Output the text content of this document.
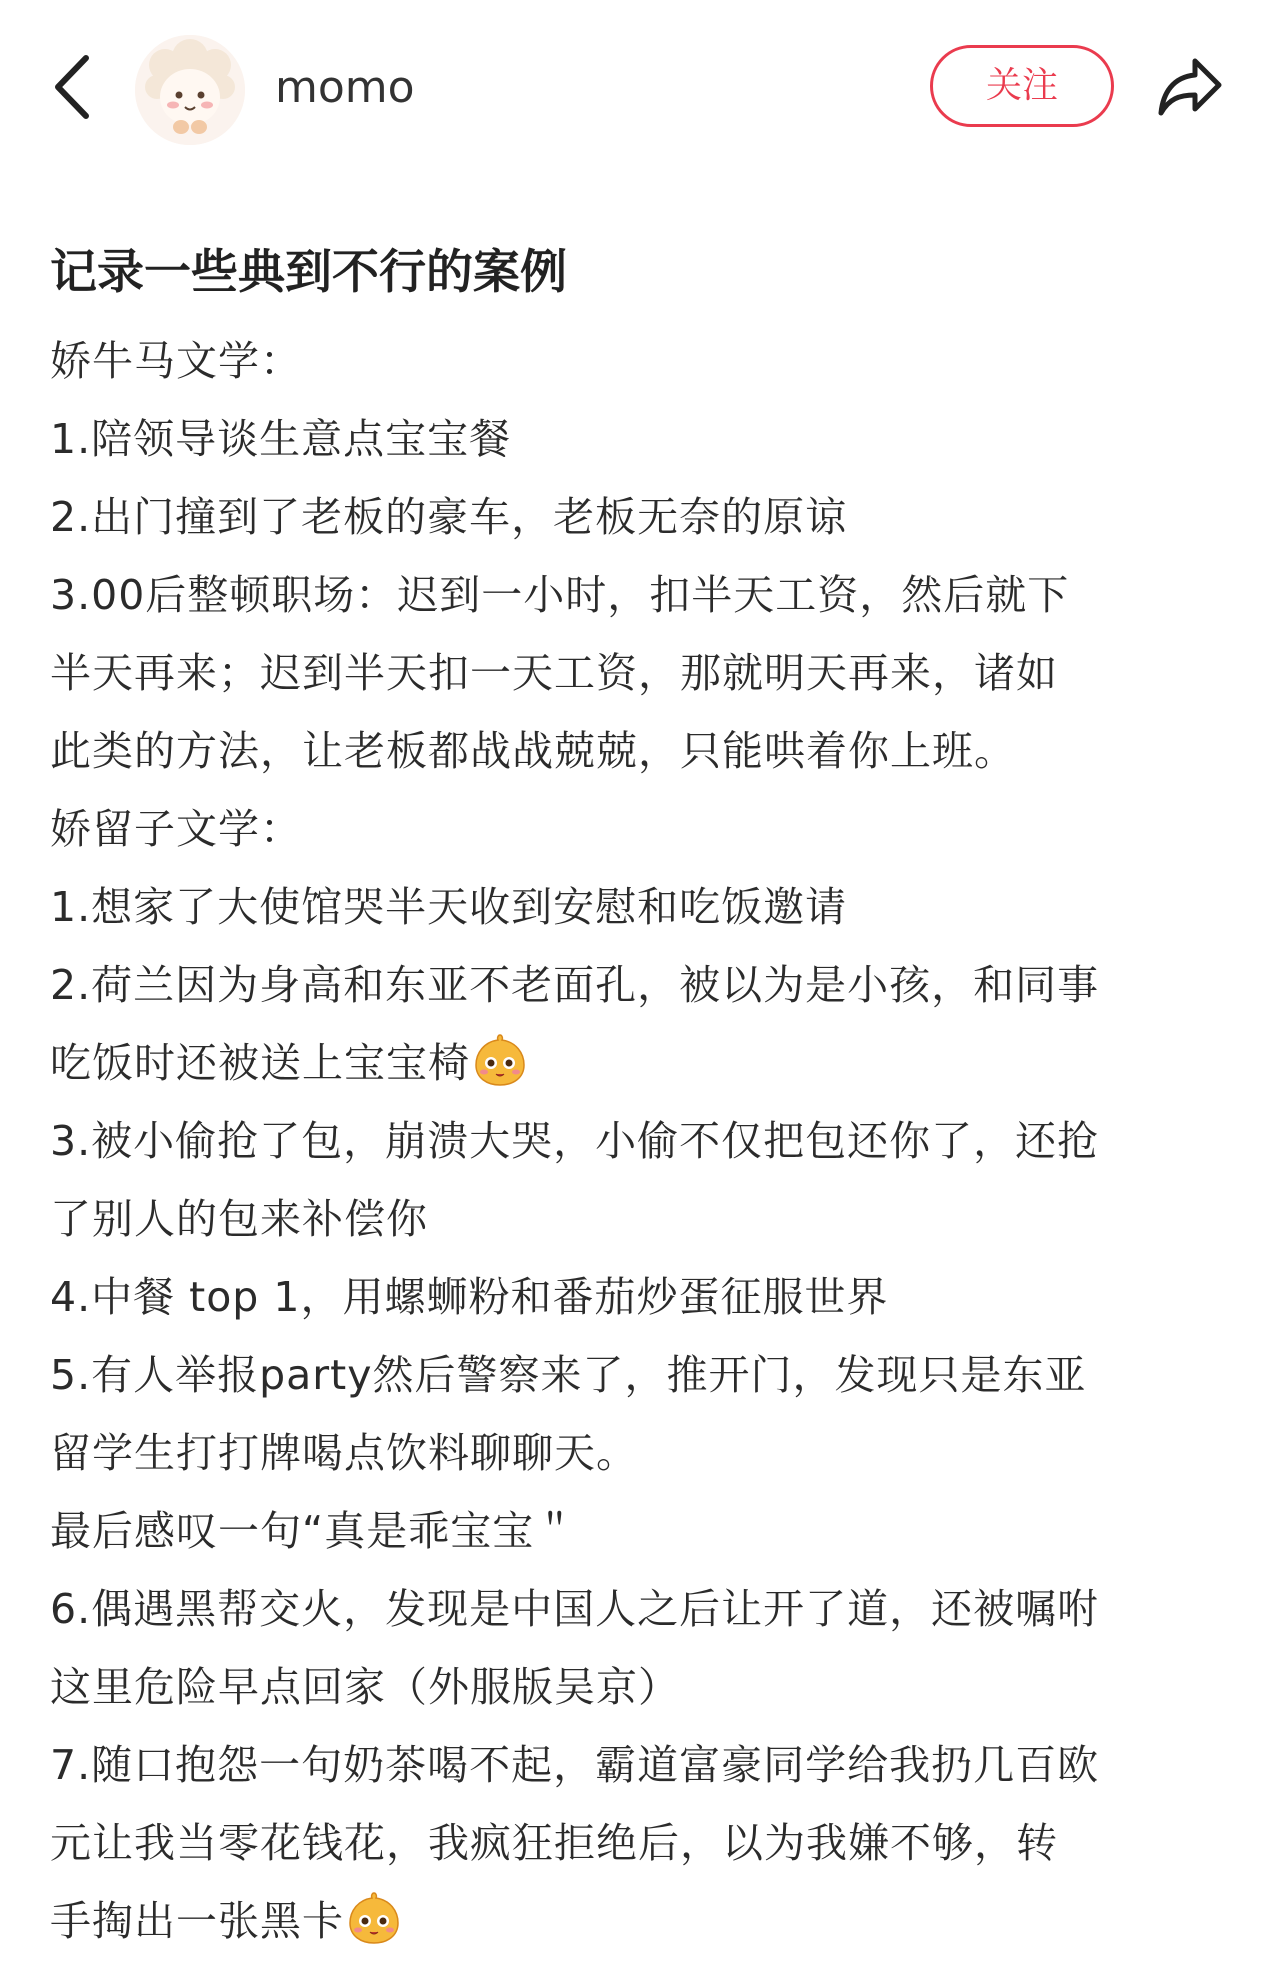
momo	关注
记录一些典到不行的案例
娇牛马文学：
1.陪领导谈生意点宝宝餐
2.出门撞到了老板的豪车，老板无奈的原谅
3.00后整顿职场：迟到一小时，扣半天工资，然后就下
半天再来；迟到半天扣一天工资，那就明天再来，诸如
此类的方法，让老板都战战兢兢，只能哄着你上班。
娇留子文学：
1.想家了大使馆哭半天收到安慰和吃饭邀请
2.荷兰因为身高和东亚不老面孔，被以为是小孩，和同事
吃饭时还被送上宝宝椅
3.被小偷抢了包，崩溃大哭，小偷不仅把包还你了，还抢
了别人的包来补偿你
4.中餐 top 1，用螺蛳粉和番茄炒蛋征服世界
5.有人举报party然后警察来了，推开门，发现只是东亚
留学生打打牌喝点饮料聊聊天。
最后感叹一句“真是乖宝宝＂
6.偶遇黑帮交火，发现是中国人之后让开了道，还被嘱咐
这里危险早点回家（外服版吴京）
7.随口抱怨一句奶茶喝不起，霸道富豪同学给我扔几百欧
元让我当零花钱花，我疯狂拒绝后，以为我嫌不够，转
手掏出一张黑卡
